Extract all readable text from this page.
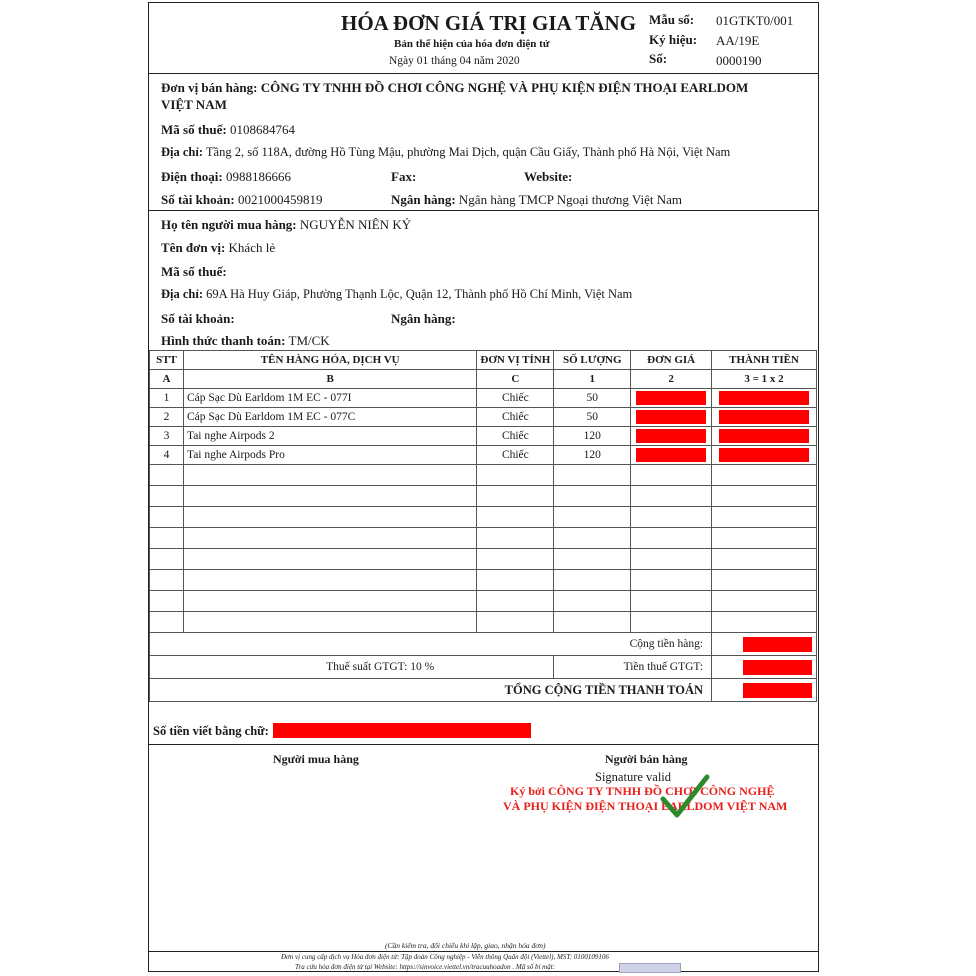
HÓA ĐƠN GIÁ TRỊ GIA TĂNG
Bản thể hiện của hóa đơn điện tử
Ngày 01 tháng 04 năm 2020
Mẫu số: 01GTKT0/001
Ký hiệu: AA/19E
Số:	0000190
Đơn vị bán hàng: CÔNG TY TNHH ĐỒ CHƠI CÔNG NGHỆ VÀ PHỤ KIỆN ĐIỆN THOẠI EARLDOM
VIỆT NAM
Mã số thuế: 0108684764
Địa chỉ: Tầng 2, số 118A, đường Hồ Tùng Mậu, phường Mai Dịch, quận Cầu Giấy, Thành phố Hà Nội, Việt Nam
Điện thoại: 0988186666	Fax:	Website:
Số tài khoản: 0021000459819	Ngân hàng: Ngân hàng TMCP Ngoại thương Việt Nam
Họ tên người mua hàng: NGUYỄN NIÊN KỶ
Tên đơn vị: Khách lẻ
Mã số thuế:
Địa chỉ: 69A Hà Huy Giáp, Phường Thạnh Lộc, Quận 12, Thành phố Hồ Chí Minh, Việt Nam
Số tài khoản:	Ngân hàng:
Hình thức thanh toán: TM/CK
STT	TÊN HÀNG HÓA, DỊCH VỤ	ĐƠN VỊ TÍNH	SỐ LƯỢNG	ĐƠN GIÁ	THÀNH TIỀN
A	B	C	1	2	3 = 1 x 2
1	Cáp Sạc Dù Earldom 1M EC - 077I	Chiếc	50	

2	Cáp Sạc Dù Earldom 1M EC - 077C	Chiếc	50	

3	Tai nghe Airpods 2	Chiếc	120	

4	Tai nghe Airpods Pro	Chiếc	120	

Cộng tiền hàng:					

Thuế suất GTGT: 10 %			Tiền thuế GTGT:		

TỔNG CỘNG TIỀN THANH TOÁN					
Số tiền viết bằng chữ:
Người mua hàng	Người bán hàng
Signature valid
Ký bởi CÔNG TY TNHH ĐỒ CHƠI CÔNG NGHỆ
VÀ PHỤ KIỆN ĐIỆN THOẠI EARLDOM VIỆT NAM
(Cần kiểm tra, đối chiếu khi lập, giao, nhận hóa đơn)
Đơn vị cung cấp dịch vụ Hóa đơn điện tử: Tập đoàn Công nghiệp - Viễn thông Quân đội (Viettel), MST: 0100109106
Tra cứu hóa đơn điện tử tại Website: https://sinvoice.viettel.vn/tracuuhoadon . Mã số bí mật:
